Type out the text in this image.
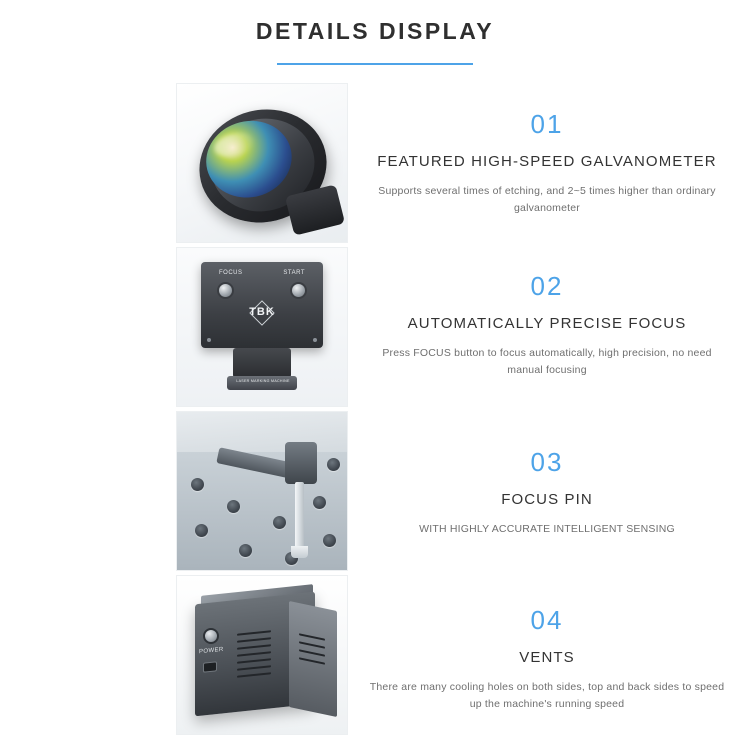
DETAILS DISPLAY
01
FEATURED HIGH-SPEED GALVANOMETER
Supports several times of etching, and 2~5 times higher than ordinary galvanometer
FOCUS	START
TBK
LASER MARKING MACHINE
02
AUTOMATICALLY PRECISE FOCUS
Press FOCUS button to focus automatically, high precision, no need manual focusing
03
FOCUS PIN
WITH HIGHLY ACCURATE INTELLIGENT SENSING
POWER
04
VENTS
There are many cooling holes on both sides, top and back sides to speed up the machine's running speed
